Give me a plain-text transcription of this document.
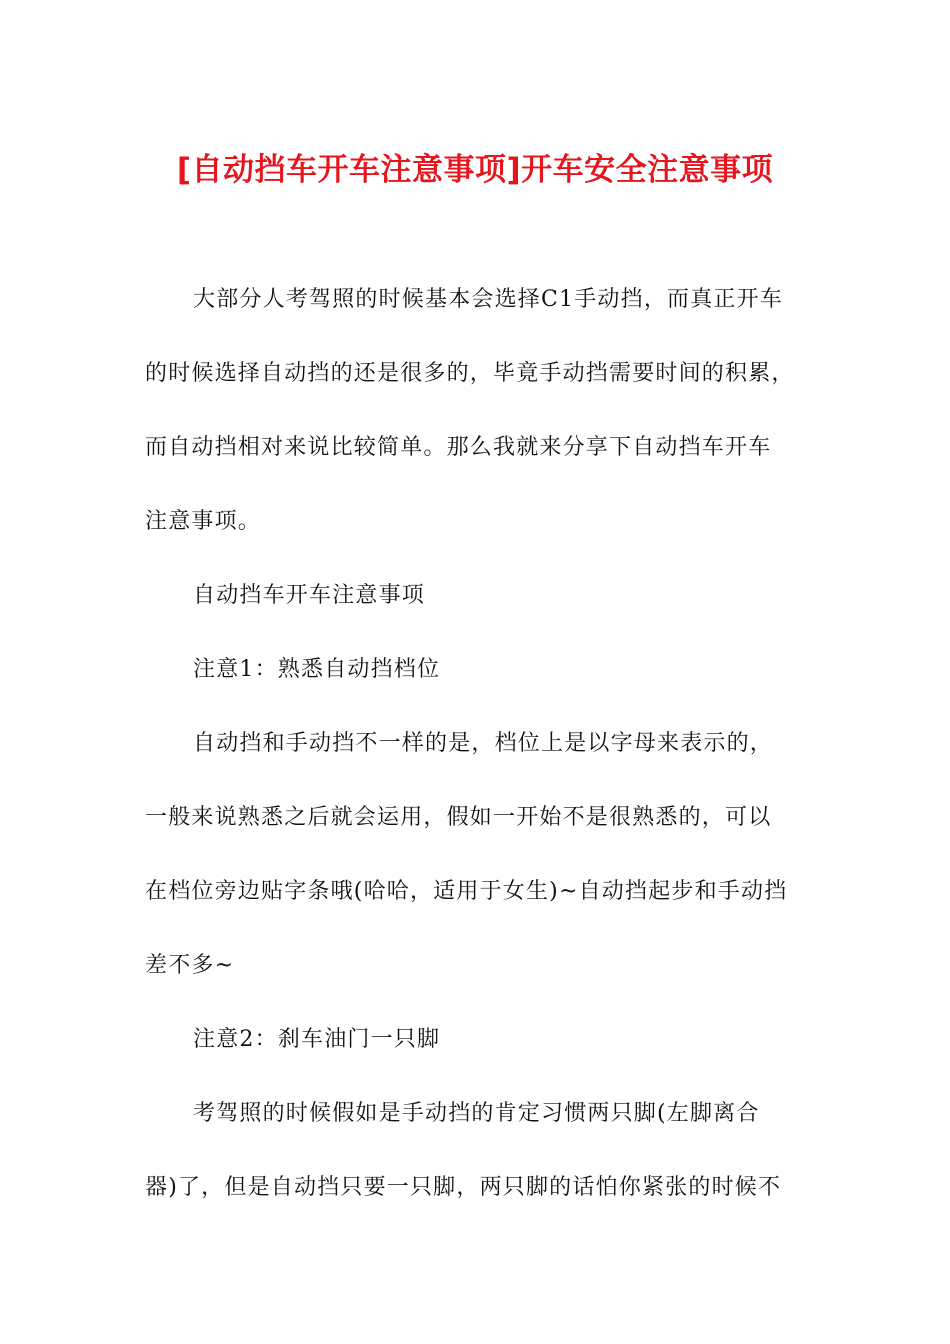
[自动挡车开车注意事项]开车安全注意事项
大部分人考驾照的时候基本会选择C1手动挡，而真正开车
的时候选择自动挡的还是很多的，毕竟手动挡需要时间的积累，
而自动挡相对来说比较简单。那么我就来分享下自动挡车开车
注意事项。
自动挡车开车注意事项
注意1：熟悉自动挡档位
自动挡和手动挡不一样的是，档位上是以字母来表示的，
一般来说熟悉之后就会运用，假如一开始不是很熟悉的，可以
在档位旁边贴字条哦(哈哈，适用于女生)~自动挡起步和手动挡
差不多~
注意2：刹车油门一只脚
考驾照的时候假如是手动挡的肯定习惯两只脚(左脚离合
器)了，但是自动挡只要一只脚，两只脚的话怕你紧张的时候不
